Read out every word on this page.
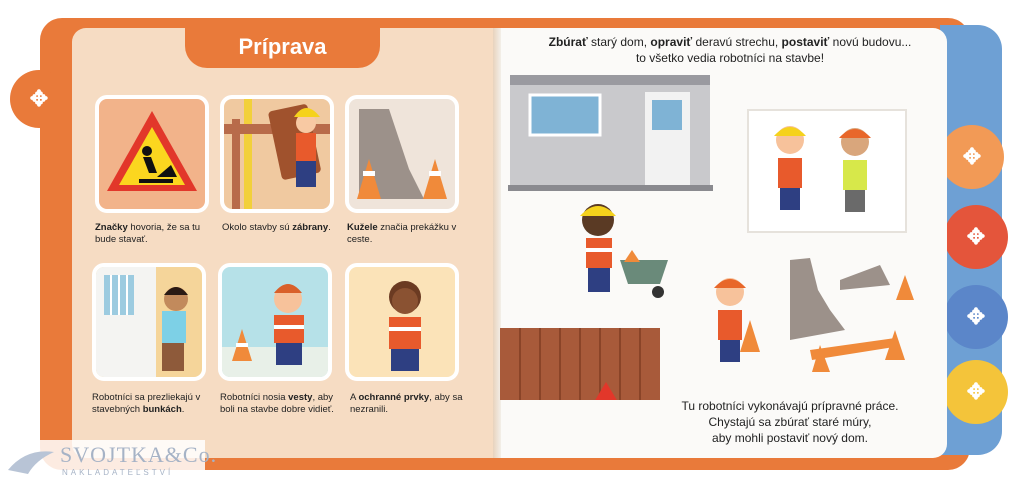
✥
✥
✥
✥
✥
Príprava
Značky hovoria, že sa tu bude stavať.
Okolo stavby sú zábrany.	Kužele značia prekážku v ceste.
Robotníci sa prezliekajú v stavebných bunkách.
Robotníci nosia vesty, aby boli na stavbe dobre vidieť.
A ochranné prvky, aby sa nezranili.
Zbúrať starý dom, opraviť deravú strechu, postaviť novú budovu...
to všetko vedia robotníci na stavbe!
Tu robotníci vykonávajú prípravné práce.
Chystajú sa zbúrať staré múry,
aby mohli postaviť nový dom.
SVOJTKA&Co.
NAKLADATEĽSTVÍ
